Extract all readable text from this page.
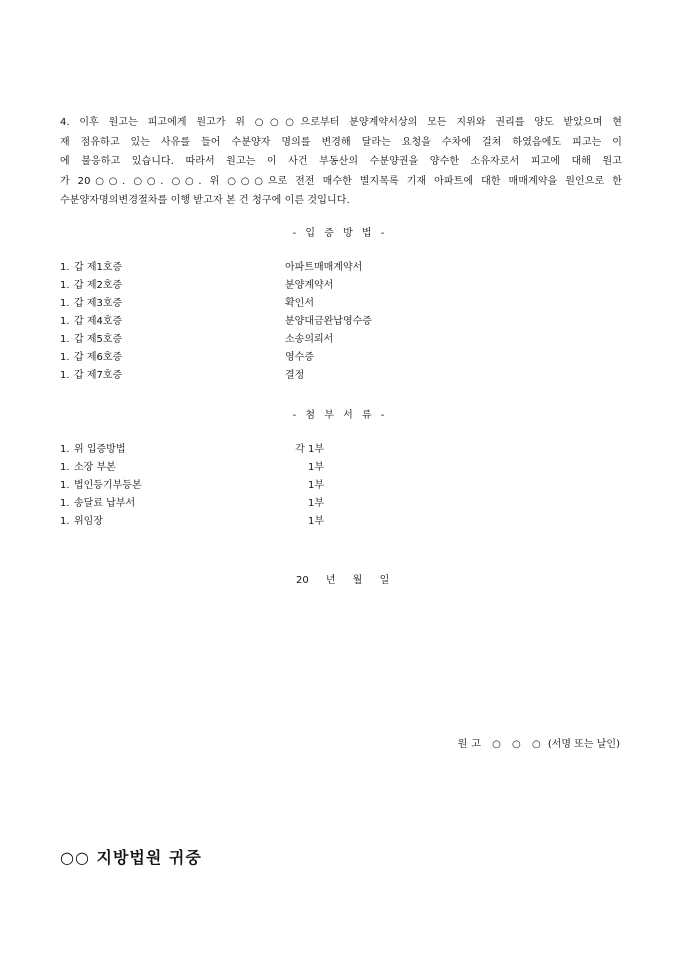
4. 이후 원고는 피고에게 원고가 위 ○○○으로부터 분양계약서상의 모든 지위와 권리를 양도 받았으며 현
재 점유하고 있는 사유를 들어 수분양자 명의를 변경해 달라는 요청을 수차에 걸쳐 하였음에도 피고는 이
에 불응하고 있습니다. 따라서 원고는 이 사건 부동산의 수분양권을 양수한 소유자로서 피고에 대해 원고
가 20○○. ○○. ○○. 위 ○○○으로 전전 매수한 별지목록 기재 아파트에 대한 매매계약을 원인으로 한
수분양자명의변경절차를 이행 받고자 본 건 청구에 이른 것입니다.
- 입 증 방 법 -
1. 갑 제1호증	아파트매매계약서
1. 갑 제2호증	분양계약서
1. 갑 제3호증	확인서
1. 갑 제4호증	분양대금완납영수증
1. 갑 제5호증	소송의뢰서
1. 갑 제6호증	영수증
1. 갑 제7호증	결정
- 첨 부 서 류 -
1. 위 입증방법	각 1부
1. 소장 부본	1부
1. 법인등기부등본	1부
1. 송달료 납부서	1부
1. 위임장	1부
20 년 월 일
원고 ○ ○ ○ (서명 또는 날인)
○○ 지방법원 귀중
